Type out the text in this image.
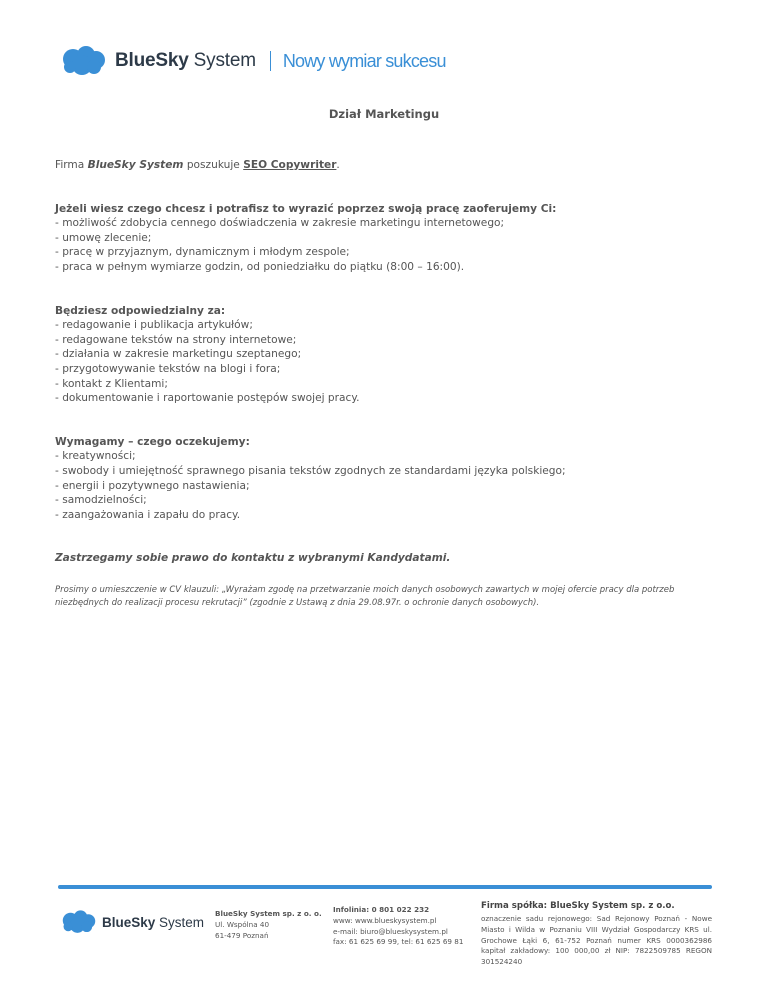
BlueSky System Nowy wymiar sukcesu
Dział Marketingu
Firma BlueSky System poszukuje SEO Copywriter.
Jeżeli wiesz czego chcesz i potrafisz to wyrazić poprzez swoją pracę zaoferujemy Ci:
- możliwość zdobycia cennego doświadczenia w zakresie marketingu internetowego;
- umowę zlecenie;
- pracę w przyjaznym, dynamicznym i młodym zespole;
- praca w pełnym wymiarze godzin, od poniedziałku do piątku (8:00 – 16:00).
Będziesz odpowiedzialny za:
- redagowanie i publikacja artykułów;
- redagowane tekstów na strony internetowe;
- działania w zakresie marketingu szeptanego;
- przygotowywanie tekstów na blogi i fora;
- kontakt z Klientami;
- dokumentowanie i raportowanie postępów swojej pracy.
Wymagamy – czego oczekujemy:
- kreatywności;
- swobody i umiejętność sprawnego pisania tekstów zgodnych ze standardami języka polskiego;
- energii i pozytywnego nastawienia;
- samodzielności;
- zaangażowania i zapału do pracy.
Zastrzegamy sobie prawo do kontaktu z wybranymi Kandydatami.
Prosimy o umieszczenie w CV klauzuli: „Wyrażam zgodę na przetwarzanie moich danych osobowych zawartych w mojej ofercie pracy dla potrzeb niezbędnych do realizacji procesu rekrutacji” (zgodnie z Ustawą z dnia 29.08.97r. o ochronie danych osobowych).
BlueSky System
BlueSky System sp. z o. o.
Ul. Wspólna 40
61-479 Poznań
Infolinia: 0 801 022 232
www: www.blueskysystem.pl
e-mail: biuro@blueskysystem.pl
fax: 61 625 69 99, tel: 61 625 69 81
Firma spółka: BlueSky System sp. z o.o.
oznaczenie sadu rejonowego: Sad Rejonowy Poznań - Nowe Miasto i Wilda w Poznaniu VIII Wydział Gospodarczy KRS ul. Grochowe Łąki 6, 61-752 Poznań numer KRS 0000362986 kapitał zakładowy: 100 000,00 zł NIP: 7822509785 REGON 301524240
